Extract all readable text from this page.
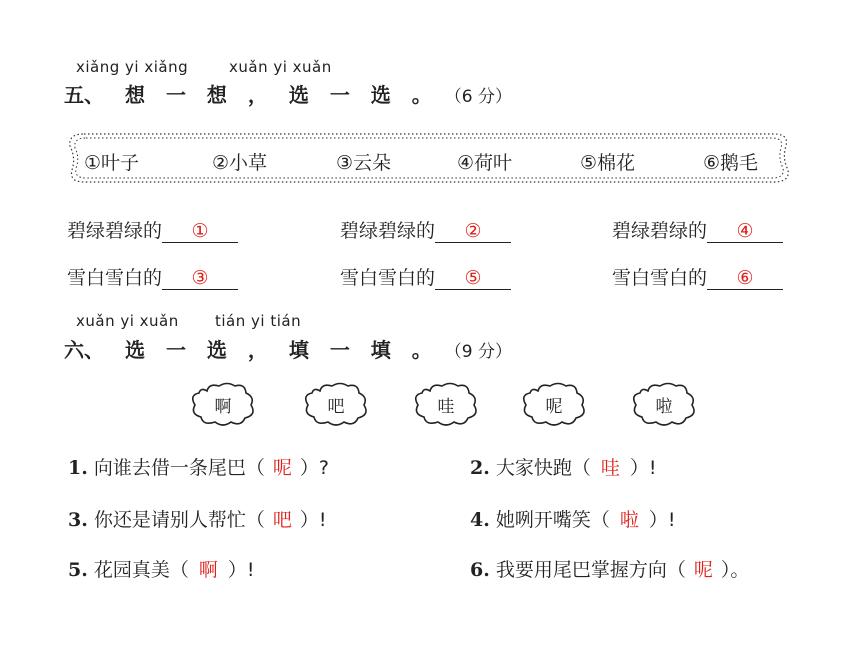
xiǎng yi xiǎng	xuǎn yi xuǎn
五、 想 一 想 ， 选 一 选 。 （6 分）
①叶子	②小草	③云朵	④荷叶	⑤棉花	⑥鹅毛
碧绿碧绿的 ①	碧绿碧绿的 ②	碧绿碧绿的 ④
雪白雪白的 ③	雪白雪白的 ⑤	雪白雪白的 ⑥
xuǎn yi xuǎn tián yi tián
六、 选 一 选 ， 填 一 填 。 （9 分）
啊	吧	哇	呢	啦
1. 向谁去借一条尾巴（ 呢 ）?	2. 大家快跑（ 哇 ）!
3. 你还是请别人帮忙（ 吧 ）!	4. 她咧开嘴笑（ 啦 ）!
5. 花园真美（ 啊 ）!	6. 我要用尾巴掌握方向（ 呢 ）。
